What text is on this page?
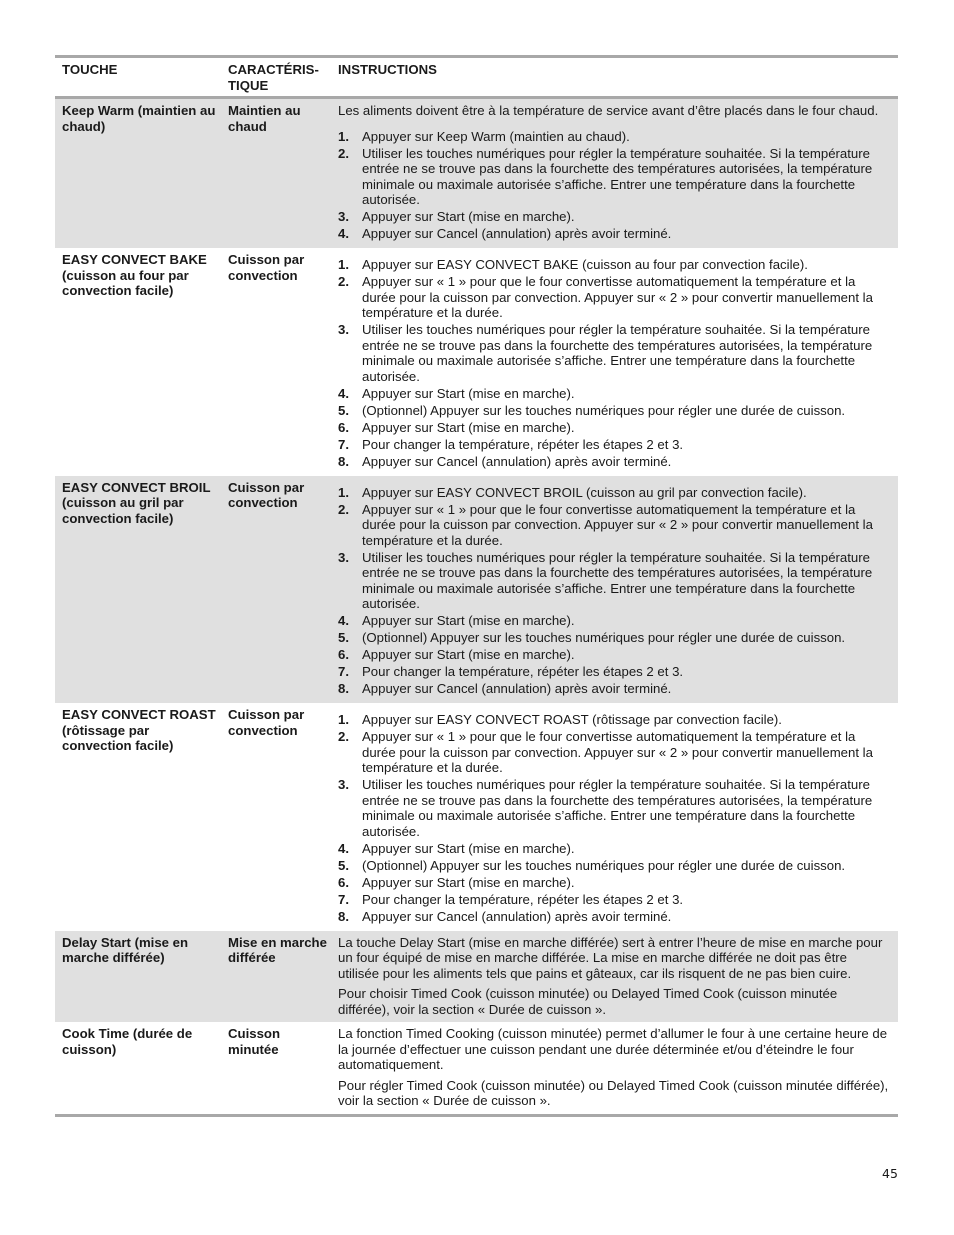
TOUCHE	CARACTÉRIS-
TIQUE
INSTRUCTIONS
Keep Warm (maintien au chaud)
Maintien au chaud

Les aliments doivent être à la température de service avant d’être placés dans le four chaud.

1. Appuyer sur Keep Warm (maintien au chaud).
2. Utiliser les touches numériques pour régler la température souhaitée. Si la température entrée ne se trouve pas dans la fourchette des températures autorisées, la température minimale ou maximale autorisée s’affiche. Entrer une température dans la fourchette autorisée.
3. Appuyer sur Start (mise en marche).
4. Appuyer sur Cancel (annulation) après avoir terminé.
EASY CONVECT BAKE (cuisson au four par convection facile)
Cuisson par convection
1. Appuyer sur EASY CONVECT BAKE (cuisson au four par convection facile).
2. Appuyer sur « 1 » pour que le four convertisse automatiquement la température et la durée pour la cuisson par convection. Appuyer sur « 2 » pour convertir manuellement la température et la durée.
3. Utiliser les touches numériques pour régler la température souhaitée. Si la température entrée ne se trouve pas dans la fourchette des températures autorisées, la température minimale ou maximale autorisée s’affiche. Entrer une température dans la fourchette autorisée.
4. Appuyer sur Start (mise en marche).
5. (Optionnel) Appuyer sur les touches numériques pour régler une durée de cuisson.
6. Appuyer sur Start (mise en marche).
7. Pour changer la température, répéter les étapes 2 et 3.
8. Appuyer sur Cancel (annulation) après avoir terminé.
EASY CONVECT BROIL (cuisson au gril par convection facile)
Cuisson par convection
1. Appuyer sur EASY CONVECT BROIL (cuisson au gril par convection facile).
2. Appuyer sur « 1 » pour que le four convertisse automatiquement la température et la durée pour la cuisson par convection. Appuyer sur « 2 » pour convertir manuellement la température et la durée.
3. Utiliser les touches numériques pour régler la température souhaitée. Si la température entrée ne se trouve pas dans la fourchette des températures autorisées, la température minimale ou maximale autorisée s’affiche. Entrer une température dans la fourchette autorisée.
4. Appuyer sur Start (mise en marche).
5. (Optionnel) Appuyer sur les touches numériques pour régler une durée de cuisson.
6. Appuyer sur Start (mise en marche).
7. Pour changer la température, répéter les étapes 2 et 3.
8. Appuyer sur Cancel (annulation) après avoir terminé.
EASY CONVECT ROAST (rôtissage par convection facile)
Cuisson par convection
1. Appuyer sur EASY CONVECT ROAST (rôtissage par convection facile).
2. Appuyer sur « 1 » pour que le four convertisse automatiquement la température et la durée pour la cuisson par convection. Appuyer sur « 2 » pour convertir manuellement la température et la durée.
3. Utiliser les touches numériques pour régler la température souhaitée. Si la température entrée ne se trouve pas dans la fourchette des températures autorisées, la température minimale ou maximale autorisée s’affiche. Entrer une température dans la fourchette autorisée.
4. Appuyer sur Start (mise en marche).
5. (Optionnel) Appuyer sur les touches numériques pour régler une durée de cuisson.
6. Appuyer sur Start (mise en marche).
7. Pour changer la température, répéter les étapes 2 et 3.
8. Appuyer sur Cancel (annulation) après avoir terminé.
Delay Start (mise en marche différée)
Mise en marche différée

La touche Delay Start (mise en marche différée) sert à entrer l’heure de mise en marche pour un four équipé de mise en marche différée. La mise en marche différée ne doit pas être utilisée pour les aliments tels que pains et gâteaux, car ils risquent de ne pas bien cuire.

Pour choisir Timed Cook (cuisson minutée) ou Delayed Timed Cook (cuisson minutée différée), voir la section « Durée de cuisson ».

Cook Time (durée de cuisson)
Cuisson minutée

La fonction Timed Cooking (cuisson minutée) permet d’allumer le four à une certaine heure de la journée d’effectuer une cuisson pendant une durée déterminée et/ou d’éteindre le four automatiquement.

Pour régler Timed Cook (cuisson minutée) ou Delayed Timed Cook (cuisson minutée différée), voir la section « Durée de cuisson ».

45
